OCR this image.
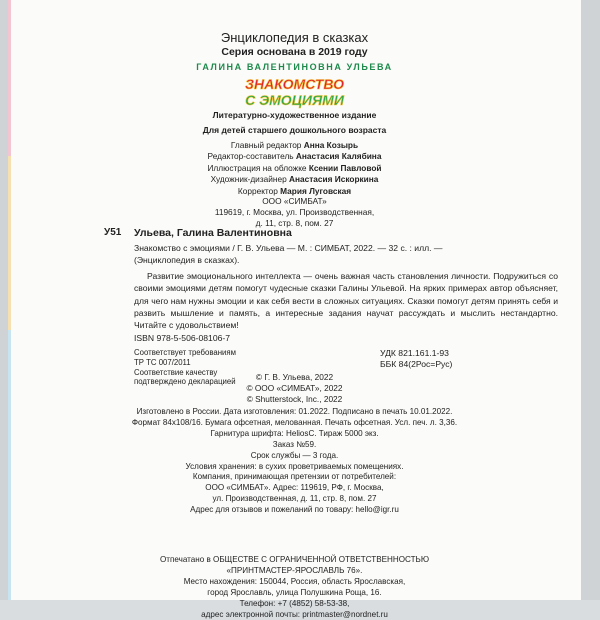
Энциклопедия в сказках
Серия основана в 2019 году
ГАЛИНА ВАЛЕНТИНОВНА УЛЬЕВА
ЗНАКОМСТВО
С ЭМОЦИЯМИ
Литературно-художественное издание
Для детей старшего дошкольного возраста
Главный редактор Анна Козырь
Редактор-составитель Анастасия Калябина
Иллюстрация на обложке Ксении Павловой
Художник-дизайнер Анастасия Искоркина
Корректор Мария Луговская
ООО «СИМБАТ»
119619, г. Москва, ул. Производственная,
д. 11, стр. 8, пом. 27
У51 Ульева, Галина Валентиновна
Знакомство с эмоциями / Г. В. Ульева — М. : СИМБАТ, 2022. — 32 с. : илл. —
(Энциклопедия в сказках).
Развитие эмоционального интеллекта — очень важная часть становления личности. Подружиться со своими эмоциями детям помогут чудесные сказки Галины Ульевой. На ярких примерах автор объясняет, для чего нам нужны эмоции и как себя вести в сложных ситуациях. Сказки помогут детям принять себя и развить мышление и память, а интересные задания научат рассуждать и мыслить нестандартно. Читайте с удовольствием!
ISBN 978-5-506-08106-7
Соответствует требованиям
ТР ТС 007/2011
Соответствие качеству
подтверждено декларацией
УДК 821.161.1-93
ББК 84(2Рос=Рус)
© Г. В. Ульева, 2022
© ООО «СИМБАТ», 2022
© Shutterstock, Inc., 2022
Изготовлено в России. Дата изготовления: 01.2022. Подписано в печать 10.01.2022.
Формат 84х108/16. Бумага офсетная, мелованная. Печать офсетная. Усл. печ. л. 3,36.
Гарнитура шрифта: HeliosC. Тираж 5000 экз.
Заказ №59.
Срок службы — 3 года.
Условия хранения: в сухих проветриваемых помещениях.
Компания, принимающая претензии от потребителей:
ООО «СИМБАТ». Адрес: 119619, РФ, г. Москва,
ул. Производственная, д. 11, стр. 8, пом. 27
Адрес для отзывов и пожеланий по товару: hello@igr.ru
Отпечатано в ОБЩЕСТВЕ С ОГРАНИЧЕННОЙ ОТВЕТСТВЕННОСТЬЮ
«ПРИНТМАСТЕР-ЯРОСЛАВЛЬ 76».
Место нахождения: 150044, Россия, область Ярославская,
город Ярославль, улица Полушкина Роща, 16.
Телефон: +7 (4852) 58-53-38,
адрес электронной почты: printmaster@nordnet.ru
